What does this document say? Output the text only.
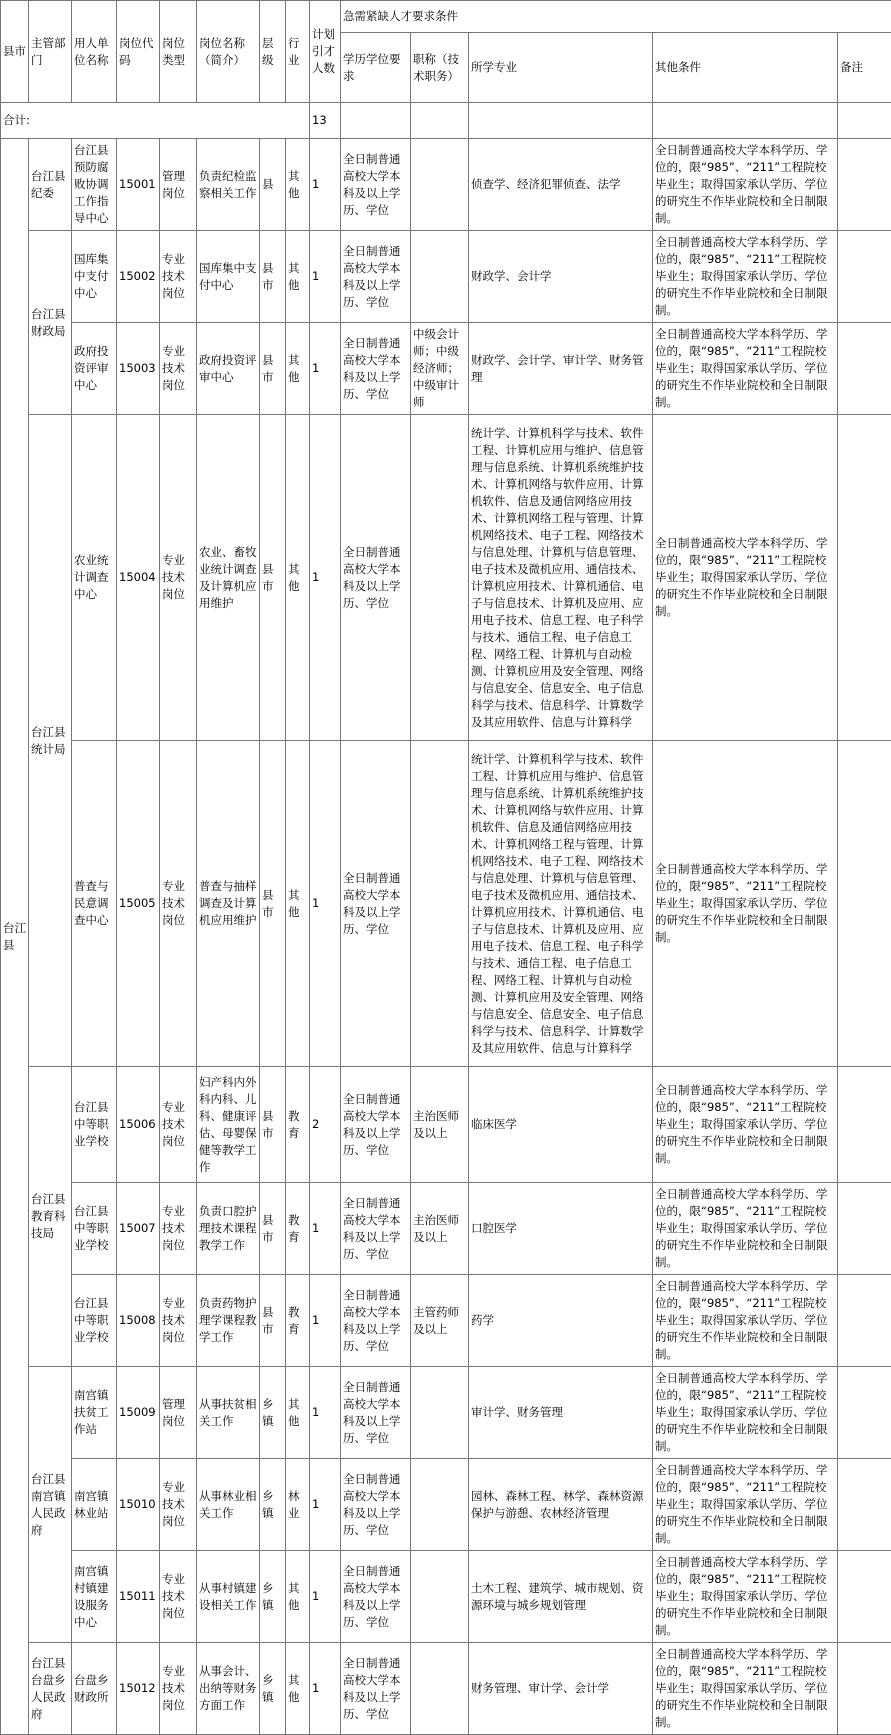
县市	主管部门	用人单位名称	岗位代码	岗位类型	岗位名称（简介）	层级	行业	计划引才人数	急需紧缺人才要求条件				
									学历学位要求	职称（技术职务）	所学专业	其他条件	备注
合计:								13					
台江县	台江县纪委	台江县预防腐败协调工作指导中心	15001	管理岗位	负责纪检监察相关工作	县	其他	1	全日制普通高校大学本科及以上学历、学位		侦查学、经济犯罪侦查、法学	全日制普通高校大学本科学历、学位的，限“985”、“211”工程院校毕业生；取得国家承认学历、学位的研究生不作毕业院校和全日制限制。	
	台江县财政局	国库集中支付中心	15002	专业技术岗位	国库集中支付中心	县市	其他	1	全日制普通高校大学本科及以上学历、学位		财政学、会计学	全日制普通高校大学本科学历、学位的，限“985”、“211”工程院校毕业生；取得国家承认学历、学位的研究生不作毕业院校和全日制限制。	
		政府投资评审中心	15003	专业技术岗位	政府投资评审中心	县市	其他	1	全日制普通高校大学本科及以上学历、学位	中级会计师；中级经济师；中级审计师	财政学、会计学、审计学、财务管理	全日制普通高校大学本科学历、学位的，限“985”、“211”工程院校毕业生；取得国家承认学历、学位的研究生不作毕业院校和全日制限制。	
	台江县统计局	农业统计调查中心	15004	专业技术岗位	农业、畜牧业统计调查及计算机应用维护	县市	其他	1	全日制普通高校大学本科及以上学历、学位		统计学、计算机科学与技术、软件工程、计算机应用与维护、信息管理与信息系统、计算机系统维护技术、计算机网络与软件应用、计算机软件、信息及通信网络应用技术、计算机网络工程与管理、计算机网络技术、电子工程、网络技术与信息处理、计算机与信息管理、电子技术及微机应用、通信技术、计算机应用技术、计算机通信、电子与信息技术、计算机及应用、应用电子技术、信息工程、电子科学与技术、通信工程、电子信息工程、网络工程、计算机与自动检测、计算机应用及安全管理、网络与信息安全、信息安全、电子信息科学与技术、信息科学、计算数学及其应用软件、信息与计算科学	全日制普通高校大学本科学历、学位的，限“985”、“211”工程院校毕业生；取得国家承认学历、学位的研究生不作毕业院校和全日制限制。	
		普查与民意调查中心	15005	专业技术岗位	普查与抽样调查及计算机应用维护	县市	其他	1	全日制普通高校大学本科及以上学历、学位		统计学、计算机科学与技术、软件工程、计算机应用与维护、信息管理与信息系统、计算机系统维护技术、计算机网络与软件应用、计算机软件、信息及通信网络应用技术、计算机网络工程与管理、计算机网络技术、电子工程、网络技术与信息处理、计算机与信息管理、电子技术及微机应用、通信技术、计算机应用技术、计算机通信、电子与信息技术、计算机及应用、应用电子技术、信息工程、电子科学与技术、通信工程、电子信息工程、网络工程、计算机与自动检测、计算机应用及安全管理、网络与信息安全、信息安全、电子信息科学与技术、信息科学、计算数学及其应用软件、信息与计算科学	全日制普通高校大学本科学历、学位的，限“985”、“211”工程院校毕业生；取得国家承认学历、学位的研究生不作毕业院校和全日制限制。	
	台江县教育科技局	台江县中等职业学校	15006	专业技术岗位	妇产科内外科内科、儿科、健康评估、母婴保健等教学工作	县市	教育	2	全日制普通高校大学本科及以上学历、学位	主治医师及以上	临床医学	全日制普通高校大学本科学历、学位的，限“985”、“211”工程院校毕业生；取得国家承认学历、学位的研究生不作毕业院校和全日制限制。	
		台江县中等职业学校	15007	专业技术岗位	负责口腔护理技术课程教学工作	县市	教育	1	全日制普通高校大学本科及以上学历、学位	主治医师及以上	口腔医学	全日制普通高校大学本科学历、学位的，限“985”、“211”工程院校毕业生；取得国家承认学历、学位的研究生不作毕业院校和全日制限制。	
		台江县中等职业学校	15008	专业技术岗位	负责药物护理学课程教学工作	县市	教育	1	全日制普通高校大学本科及以上学历、学位	主管药师及以上	药学	全日制普通高校大学本科学历、学位的，限“985”、“211”工程院校毕业生；取得国家承认学历、学位的研究生不作毕业院校和全日制限制。	
	台江县南宫镇人民政府	南宫镇扶贫工作站	15009	管理岗位	从事扶贫相关工作	乡镇	其他	1	全日制普通高校大学本科及以上学历、学位		审计学、财务管理	全日制普通高校大学本科学历、学位的，限“985”、“211”工程院校毕业生；取得国家承认学历、学位的研究生不作毕业院校和全日制限制。	
		南宫镇林业站	15010	专业技术岗位	从事林业相关工作	乡镇	林业	1	全日制普通高校大学本科及以上学历、学位		园林、森林工程、林学、森林资源保护与游憩、农林经济管理	全日制普通高校大学本科学历、学位的，限“985”、“211”工程院校毕业生；取得国家承认学历、学位的研究生不作毕业院校和全日制限制。	
		南宫镇村镇建设服务中心	15011	专业技术岗位	从事村镇建设相关工作	乡镇	其他	1	全日制普通高校大学本科及以上学历、学位		土木工程、建筑学、城市规划、资源环境与城乡规划管理	全日制普通高校大学本科学历、学位的，限“985”、“211”工程院校毕业生；取得国家承认学历、学位的研究生不作毕业院校和全日制限制。	
	台江县台盘乡人民政府	台盘乡财政所	15012	专业技术岗位	从事会计、出纳等财务方面工作	乡镇	其他	1	全日制普通高校大学本科及以上学历、学位		财务管理、审计学、会计学	全日制普通高校大学本科学历、学位的，限“985”、“211”工程院校毕业生；取得国家承认学历、学位的研究生不作毕业院校和全日制限制。	
